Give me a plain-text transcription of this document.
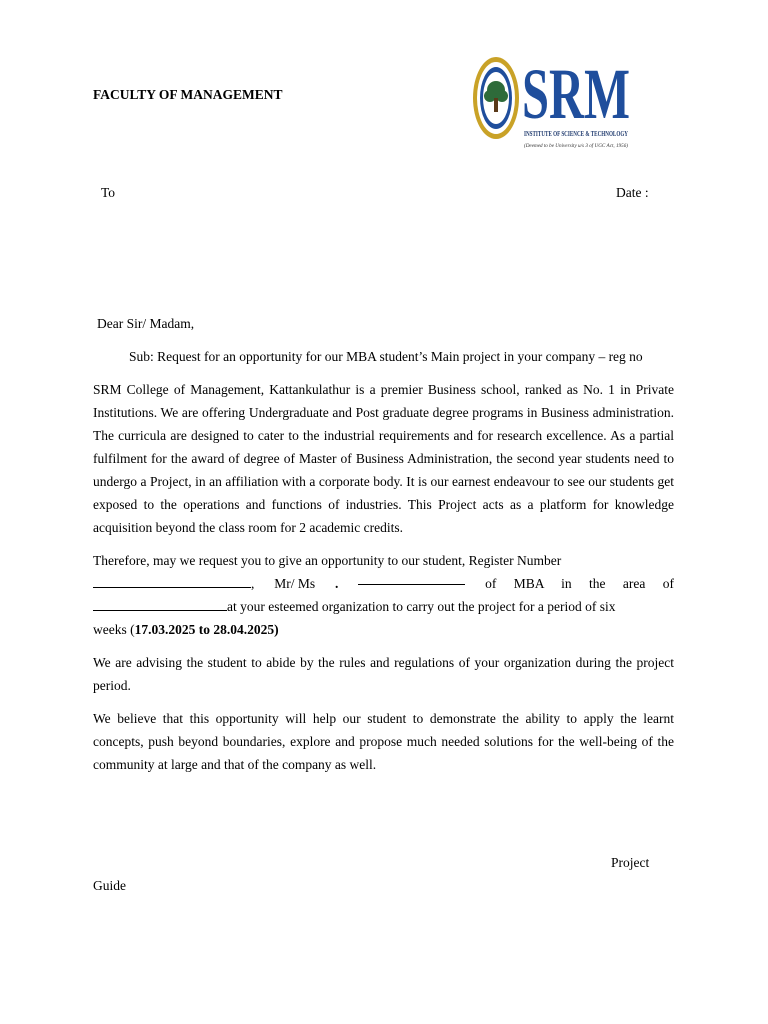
FACULTY OF MANAGEMENT	SRM
INSTITUTE OF SCIENCE & TECHNOLOGY
(Deemed to be University u/s 3 of UGC Act, 1956)
To	Date :
Dear Sir/ Madam,
Sub: Request for an opportunity for our MBA student’s Main project in your company – reg no

SRM College of Management, Kattankulathur is a premier Business school, ranked as No. 1 in Private Institutions. We are offering Undergraduate and Post graduate degree programs in Business administration. The curricula are designed to cater to the industrial requirements and for research excellence. As a partial fulfilment for the award of degree of Master of Business Administration, the second year students need to undergo a Project, in an affiliation with a corporate body. It is our earnest endeavour to see our students get exposed to the operations and functions of industries. This Project acts as a platform for knowledge acquisition beyond the class room for 2 academic credits.

Therefore, may we request you to give an opportunity to our student, Register Number
, Mr/ Ms .	of MBA in the area of
at your esteemed organization to carry out the project for a period of six
weeks (17.03.2025 to 28.04.2025)

We are advising the student to abide by the rules and regulations of your organization during the project period.

We believe that this opportunity will help our student to demonstrate the ability to apply the learnt concepts, push beyond boundaries, explore and propose much needed solutions for the well-being of the community at large and that of the company as well.

Project
Guide
